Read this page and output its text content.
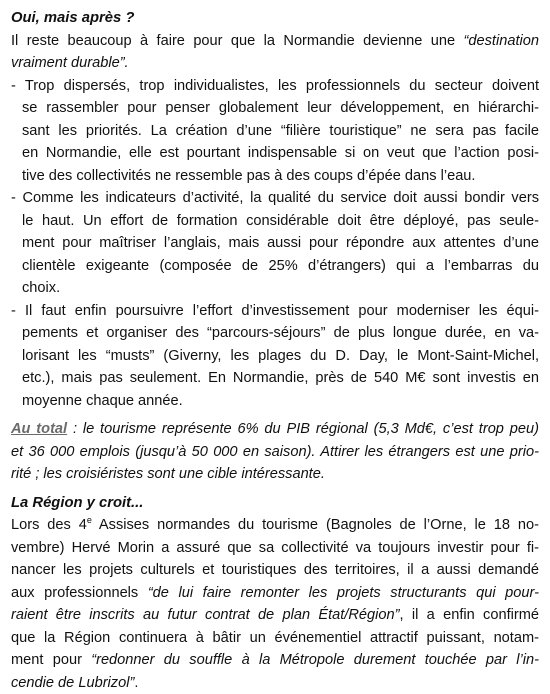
Oui, mais après ?
Il reste beaucoup à faire pour que la Normandie devienne une “destination
vraiment durable”.
- Trop dispersés, trop individualistes, les professionnels du secteur doivent
se rassembler pour penser globalement leur développement, en hiérarchi-
sant les priorités. La création d’une “filière touristique” ne sera pas facile
en Normandie, elle est pourtant indispensable si on veut que l’action posi-
tive des collectivités ne ressemble pas à des coups d’épée dans l’eau.
- Comme les indicateurs d’activité, la qualité du service doit aussi bondir vers
le haut. Un effort de formation considérable doit être déployé, pas seule-
ment pour maîtriser l’anglais, mais aussi pour répondre aux attentes d’une
clientèle exigeante (composée de 25% d’étrangers) qui a l’embarras du
choix.
- Il faut enfin poursuivre l’effort d’investissement pour moderniser les équi-
pements et organiser des “parcours-séjours” de plus longue durée, en va-
lorisant les “musts” (Giverny, les plages du D. Day, le Mont-Saint-Michel,
etc.), mais pas seulement. En Normandie, près de 540 M€ sont investis en
moyenne chaque année.
Au total : le tourisme représente 6% du PIB régional (5,3 Md€, c’est trop peu)
et 36 000 emplois (jusqu’à 50 000 en saison). Attirer les étrangers est une prio-
rité ; les croisiéristes sont une cible intéressante.
La Région y croit...
Lors des 4e Assises normandes du tourisme (Bagnoles de l’Orne, le 18 no-
vembre) Hervé Morin a assuré que sa collectivité va toujours investir pour fi-
nancer les projets culturels et touristiques des territoires, il a aussi demandé
aux professionnels “de lui faire remonter les projets structurants qui pour-
raient être inscrits au futur contrat de plan État/Région”, il a enfin confirmé
que la Région continuera à bâtir un événementiel attractif puissant, notam-
ment pour “redonner du souffle à la Métropole durement touchée par l’in-
cendie de Lubrizol”.
